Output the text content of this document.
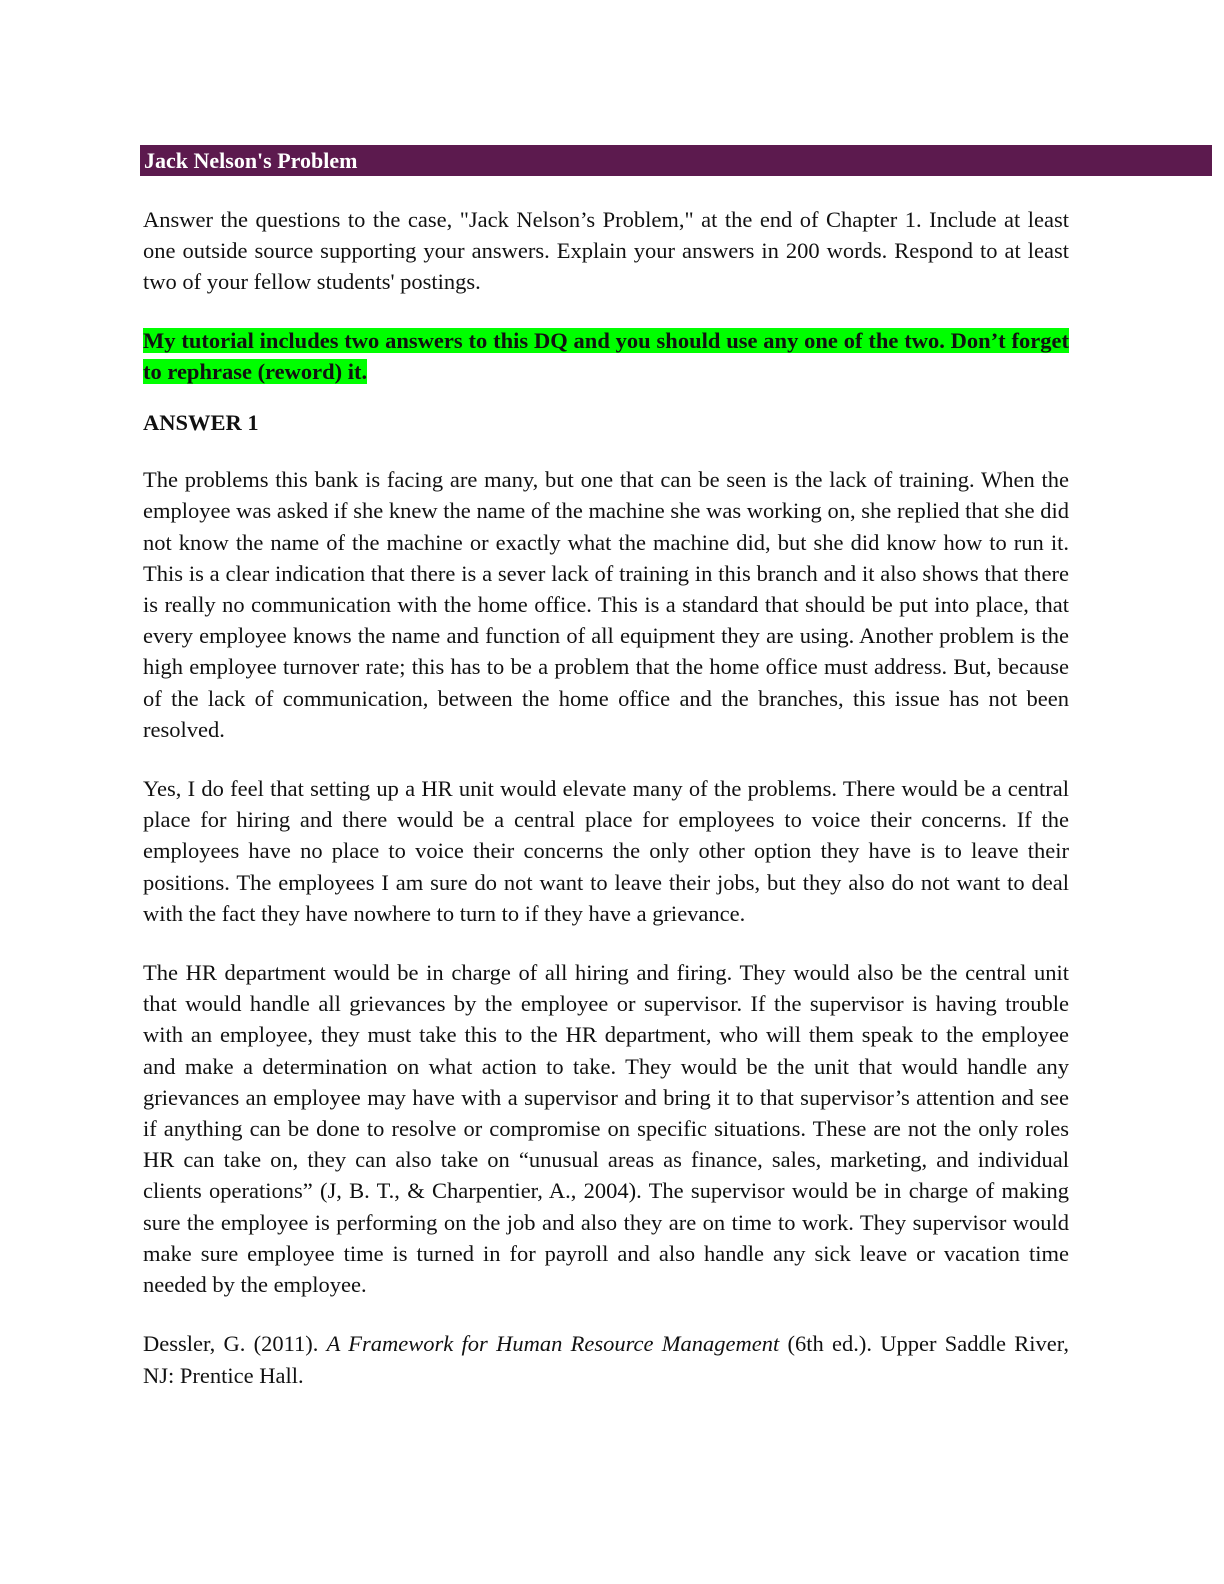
Jack Nelson's Problem

Answer the questions to the case, "Jack Nelson’s Problem," at the end of Chapter 1. Include at least one outside source supporting your answers. Explain your answers in 200 words. Respond to at least two of your fellow students' postings.

My tutorial includes two answers to this DQ and you should use any one of the two. Don’t forget to rephrase (reword) it.

ANSWER 1

The problems this bank is facing are many, but one that can be seen is the lack of training. When the employee was asked if she knew the name of the machine she was working on, she replied that she did not know the name of the machine or exactly what the machine did, but she did know how to run it. This is a clear indication that there is a sever lack of training in this branch and it also shows that there is really no communication with the home office. This is a standard that should be put into place, that every employee knows the name and function of all equipment they are using. Another problem is the high employee turnover rate; this has to be a problem that the home office must address. But, because of the lack of communication, between the home office and the branches, this issue has not been resolved.

Yes, I do feel that setting up a HR unit would elevate many of the problems. There would be a central place for hiring and there would be a central place for employees to voice their concerns. If the employees have no place to voice their concerns the only other option they have is to leave their positions. The employees I am sure do not want to leave their jobs, but they also do not want to deal with the fact they have nowhere to turn to if they have a grievance.

The HR department would be in charge of all hiring and firing. They would also be the central unit that would handle all grievances by the employee or supervisor. If the supervisor is having trouble with an employee, they must take this to the HR department, who will them speak to the employee and make a determination on what action to take. They would be the unit that would handle any grievances an employee may have with a supervisor and bring it to that supervisor’s attention and see if anything can be done to resolve or compromise on specific situations. These are not the only roles HR can take on, they can also take on “unusual areas as finance, sales, marketing, and individual clients operations” (J, B. T., & Charpentier, A., 2004). The supervisor would be in charge of making sure the employee is performing on the job and also they are on time to work. They supervisor would make sure employee time is turned in for payroll and also handle any sick leave or vacation time needed by the employee.

Dessler, G. (2011). A Framework for Human Resource Management (6th ed.). Upper Saddle River, NJ: Prentice Hall.
